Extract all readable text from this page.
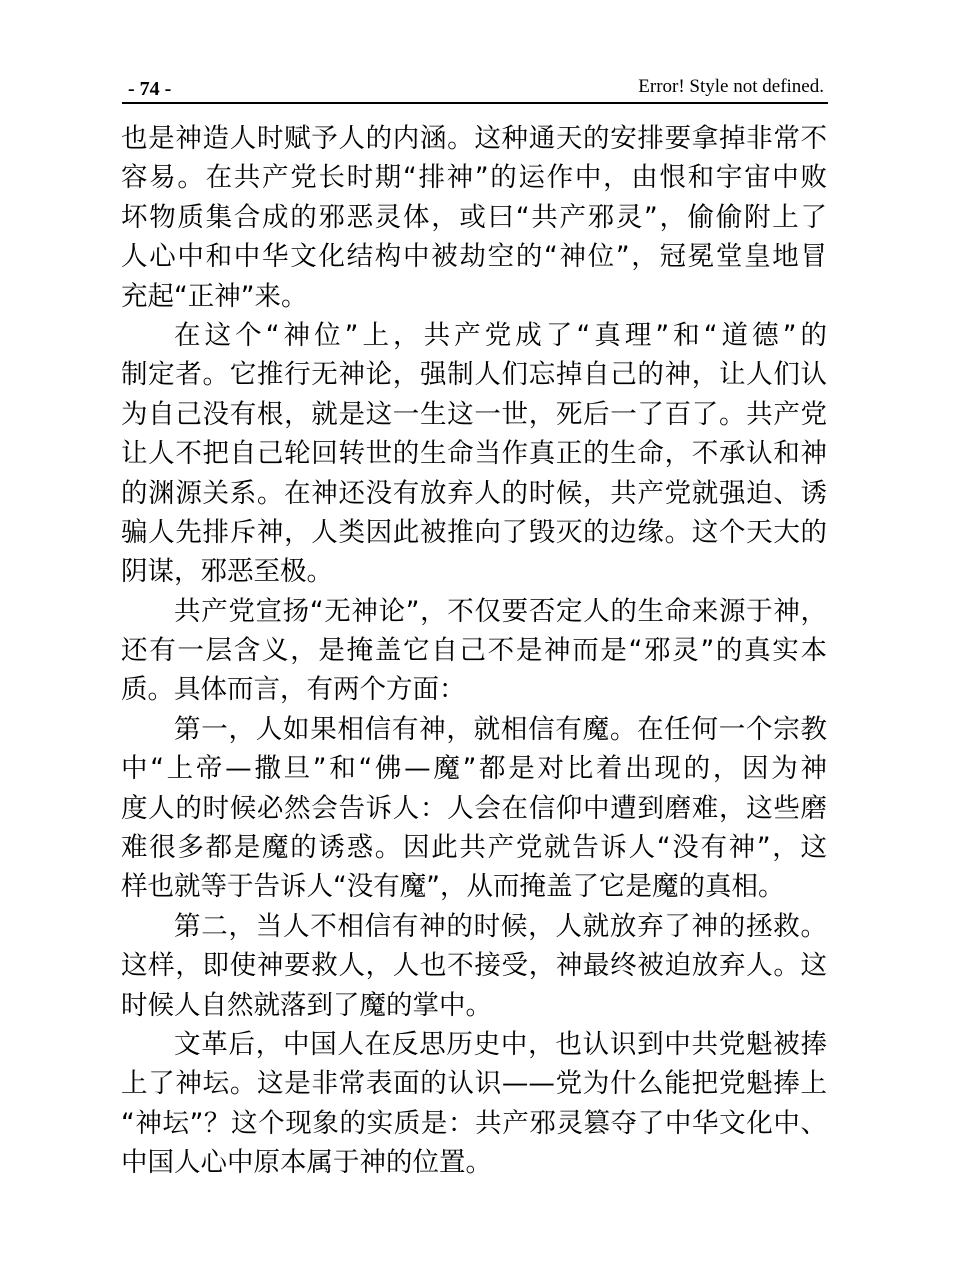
- 74 -	Error! Style not defined.
也是神造人时赋予人的内涵。这种通天的安排要拿掉非常不
容易。在共产党长时期“排神”的运作中，由恨和宇宙中败
坏物质集合成的邪恶灵体，或曰“共产邪灵”，偷偷附上了
人心中和中华文化结构中被劫空的“神位”，冠冕堂皇地冒
充起“正神”来。
在这个“神位”上，共产党成了“真理”和“道德”的
制定者。它推行无神论，强制人们忘掉自己的神，让人们认
为自己没有根，就是这一生这一世，死后一了百了。共产党
让人不把自己轮回转世的生命当作真正的生命，不承认和神
的渊源关系。在神还没有放弃人的时候，共产党就强迫、诱
骗人先排斥神，人类因此被推向了毁灭的边缘。这个天大的
阴谋，邪恶至极。
共产党宣扬“无神论”，不仅要否定人的生命来源于神，
还有一层含义，是掩盖它自己不是神而是“邪灵”的真实本
质。具体而言，有两个方面：
第一，人如果相信有神，就相信有魔。在任何一个宗教
中“上帝—撒旦”和“佛—魔”都是对比着出现的，因为神
度人的时候必然会告诉人：人会在信仰中遭到磨难，这些磨
难很多都是魔的诱惑。因此共产党就告诉人“没有神”，这
样也就等于告诉人“没有魔”，从而掩盖了它是魔的真相。
第二，当人不相信有神的时候，人就放弃了神的拯救。
这样，即使神要救人，人也不接受，神最终被迫放弃人。这
时候人自然就落到了魔的掌中。
文革后，中国人在反思历史中，也认识到中共党魁被捧
上了神坛。这是非常表面的认识——党为什么能把党魁捧上
“神坛”？这个现象的实质是：共产邪灵篡夺了中华文化中、
中国人心中原本属于神的位置。
